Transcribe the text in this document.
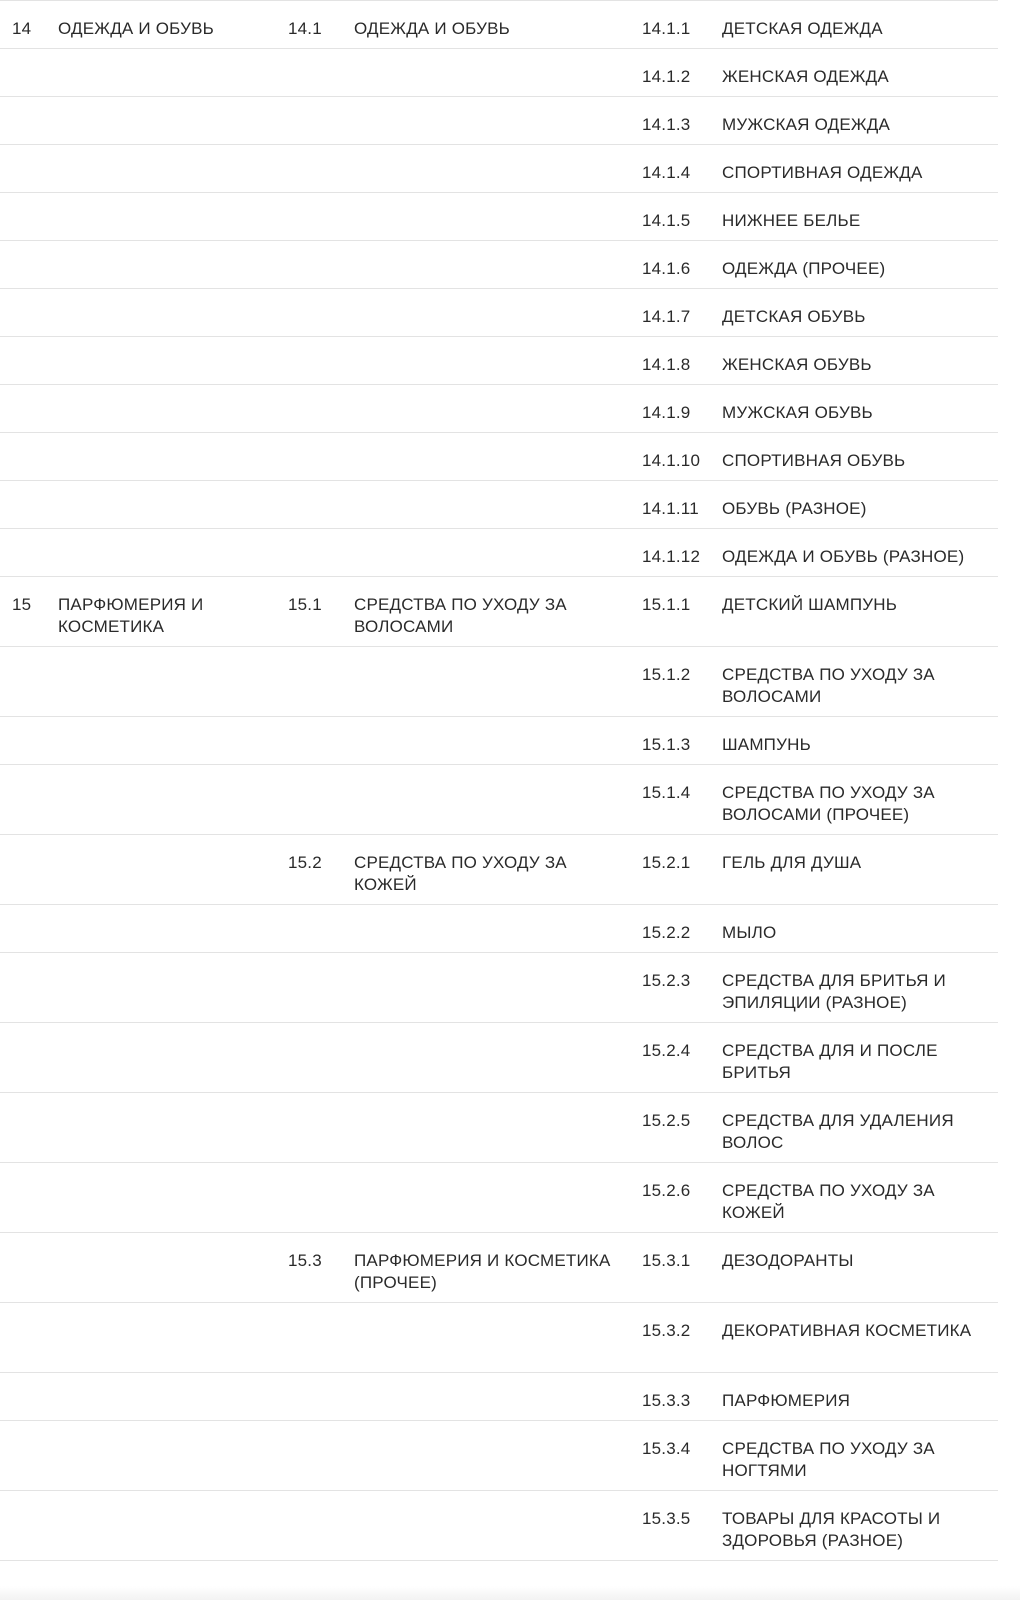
14	ОДЕЖДА И ОБУВЬ	14.1	ОДЕЖДА И ОБУВЬ	14.1.1	ДЕТСКАЯ ОДЕЖДА
				14.1.2	ЖЕНСКАЯ ОДЕЖДА
				14.1.3	МУЖСКАЯ ОДЕЖДА
				14.1.4	СПОРТИВНАЯ ОДЕЖДА
				14.1.5	НИЖНЕЕ БЕЛЬЕ
				14.1.6	ОДЕЖДА (ПРОЧЕЕ)
				14.1.7	ДЕТСКАЯ ОБУВЬ
				14.1.8	ЖЕНСКАЯ ОБУВЬ
				14.1.9	МУЖСКАЯ ОБУВЬ
				14.1.10	СПОРТИВНАЯ ОБУВЬ
				14.1.11	ОБУВЬ (РАЗНОЕ)
				14.1.12	ОДЕЖДА И ОБУВЬ (РАЗНОЕ)
15	ПАРФЮМЕРИЯ И КОСМЕТИКА	15.1	СРЕДСТВА ПО УХОДУ ЗА ВОЛОСАМИ	15.1.1	ДЕТСКИЙ ШАМПУНЬ
				15.1.2	СРЕДСТВА ПО УХОДУ ЗА ВОЛОСАМИ
				15.1.3	ШАМПУНЬ
				15.1.4	СРЕДСТВА ПО УХОДУ ЗА ВОЛОСАМИ (ПРОЧЕЕ)
		15.2	СРЕДСТВА ПО УХОДУ ЗА КОЖЕЙ	15.2.1	ГЕЛЬ ДЛЯ ДУША
				15.2.2	МЫЛО
				15.2.3	СРЕДСТВА ДЛЯ БРИТЬЯ И ЭПИЛЯЦИИ (РАЗНОЕ)
				15.2.4	СРЕДСТВА ДЛЯ И ПОСЛЕ БРИТЬЯ
				15.2.5	СРЕДСТВА ДЛЯ УДАЛЕНИЯ ВОЛОС
				15.2.6	СРЕДСТВА ПО УХОДУ ЗА КОЖЕЙ
		15.3	ПАРФЮМЕРИЯ И КОСМЕТИКА (ПРОЧЕЕ)	15.3.1	ДЕЗОДОРАНТЫ
				15.3.2	ДЕКОРАТИВНАЯ КОСМЕТИКА
				15.3.3	ПАРФЮМЕРИЯ
				15.3.4	СРЕДСТВА ПО УХОДУ ЗА НОГТЯМИ
				15.3.5	ТОВАРЫ ДЛЯ КРАСОТЫ И ЗДОРОВЬЯ (РАЗНОЕ)
